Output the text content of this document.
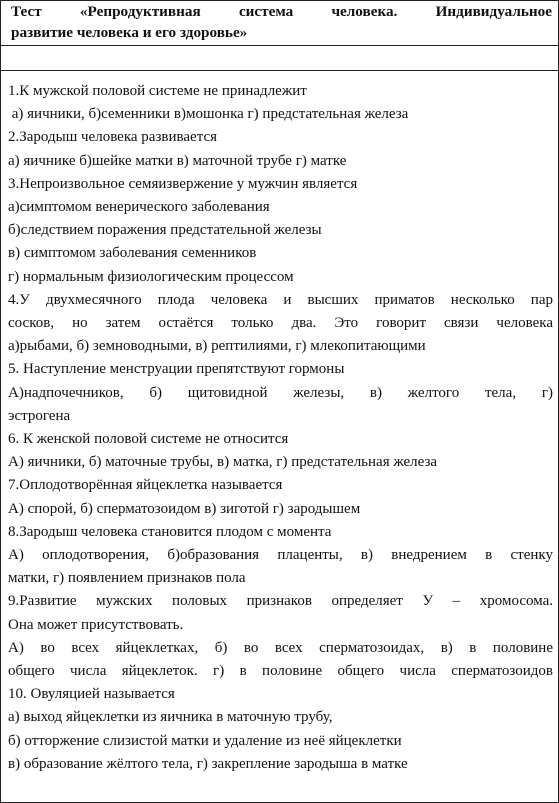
Тест «Репродуктивная система человека. Индивидуальное
развитие человека и его здоровье»
1.К мужской половой системе не принадлежит
а) яичники, б)семенники в)мошонка г) предстательная железа
2.Зародыш человека развивается
а) яичнике б)шейке матки в) маточной трубе г) матке
3.Непроизвольное семяизвержение у мужчин является
а)симптомом венерического заболевания
б)следствием поражения предстательной железы
в) симптомом заболевания семенников
г) нормальным физиологическим процессом
4.У двухмесячного плода человека и высших приматов несколько пар
сосков, но затем остаётся только два. Это говорит связи человека
а)рыбами, б) земноводными, в) рептилиями, г) млекопитающими
5. Наступление менструации препятствуют гормоны
А)надпочечников, б) щитовидной железы, в) желтого тела, г)
эстрогена
6. К женской половой системе не относится
А) яичники, б) маточные трубы, в) матка, г) предстательная железа
7.Оплодотворённая яйцеклетка называется
А) спорой, б) сперматозоидом в) зиготой г) зародышем
8.Зародыш человека становится плодом с момента
А) оплодотворения, б)образования плаценты, в) внедрением в стенку
матки, г) появлением признаков пола
9.Развитие мужских половых признаков определяет У – хромосома.
Она может присутствовать.
А) во всех яйцеклетках, б) во всех сперматозоидах, в) в половине
общего числа яйцеклеток. г) в половине общего числа сперматозоидов
10. Овуляцией называется
а) выход яйцеклетки из яичника в маточную трубу,
б) отторжение слизистой матки и удаление из неё яйцеклетки
в) образование жёлтого тела, г) закрепление зародыша в матке
